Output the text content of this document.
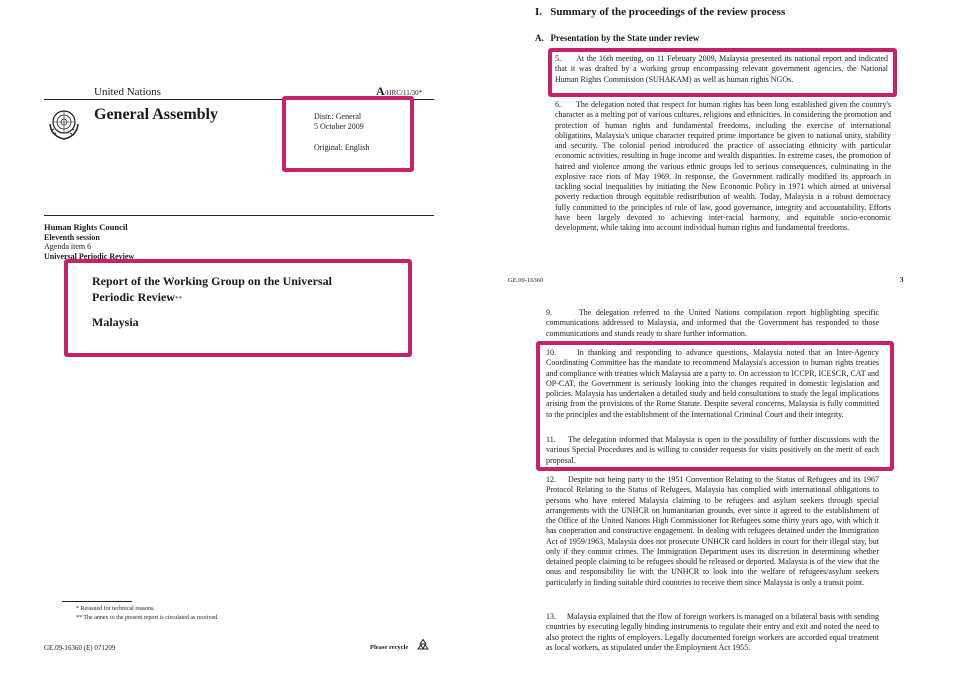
United Nations	A/HRC/11/30*
General Assembly	Distr.: General
5 October 2009
Original: English
Human Rights Council
Eleventh session
Agenda item 6
Universal Periodic Review
Report of the Working Group on the Universal
Periodic Review**
Malaysia
* Reissued for technical reasons.
** The annex to the present report is circulated as received.
GE.09-16360 (E) 071209	Please recycle
I.   Summary of the proceedings of the review process
A.   Presentation by the State under review

5.      At the 16th meeting, on 11 February 2009, Malaysia presented its national report and indicated that it was drafted by a working group encompassing relevant government agencies, the National Human Rights Commission (SUHAKAM) as well as human rights NGOs.

6.      The delegation noted that respect for human rights has been long established given the country's character as a melting pot of various cultures, religions and ethnicities. In considering the promotion and protection of human rights and fundamental freedoms, including the exercise of international obligations, Malaysia's unique character required prime importance be given to national unity, stability and security. The colonial period introduced the practice of associating ethnicity with particular economic activities, resulting in huge income and wealth disparities. In extreme cases, the promotion of hatred and violence among the various ethnic groups led to serious consequences, culminating in the explosive race riots of May 1969. In response, the Government radically modified its approach in tackling social inequalities by initiating the New Economic Policy in 1971 which aimed at universal poverty reduction through equitable redistribution of wealth. Today, Malaysia is a robust democracy fully committed to the principles of rule of law, good governance, integrity and accountability. Efforts have been largely devoted to achieving inter-racial harmony, and equitable socio-economic development, while taking into account individual human rights and fundamental freedoms.

GE.09-16360	3

9.      The delegation referred to the United Nations compilation report highlighting specific communications addressed to Malaysia, and informed that the Government has responded to those communications and stands ready to share further information.

10.     In thanking and responding to advance questions, Malaysia noted that an Inter-Agency Coordinating Committee has the mandate to recommend Malaysia's accession to human rights treaties and compliance with treaties which Malaysia are a party to. On accession to ICCPR, ICESCR, CAT and OP-CAT, the Government is seriously looking into the changes required in domestic legislation and policies. Malaysia has undertaken a detailed study and held consultations to study the legal implications arising from the provisions of the Rome Statute. Despite several concerns, Malaysia is fully committed to the principles and the establishment of the International Criminal Court and their integrity.

11.     The delegation informed that Malaysia is open to the possibility of further discussions with the various Special Procedures and is willing to consider requests for visits positively on the merit of each proposal.

12.     Despite not being party to the 1951 Convention Relating to the Status of Refugees and its 1967 Protocol Relating to the Status of Refugees, Malaysia has complied with international obligations to persons who have entered Malaysia claiming to be refugees and asylum seekers through special arrangements with the UNHCR on humanitarian grounds, ever since it agreed to the establishment of the Office of the United Nations High Commissioner for Refugees some thirty years ago, with which it has cooperation and constructive engagement. In dealing with refugees detained under the Immigration Act of 1959/1963, Malaysia does not prosecute UNHCR card holders in court for their illegal stay, but only if they commit crimes. The Immigration Department uses its discretion in determining whether detained people claiming to be refugees should be released or deported. Malaysia is of the view that the onus and responsibility lie with the UNHCR to look into the welfare of refugees/asylum seekers particularly in finding suitable third countries to receive them since Malaysia is only a transit point.

13.     Malaysia explained that the flow of foreign workers is managed on a bilateral basis with sending countries by executing legally binding instruments to regulate their entry and exit and noted the need to also protect the rights of employers. Legally documented foreign workers are accorded equal treatment as local workers, as stipulated under the Employment Act 1955.
